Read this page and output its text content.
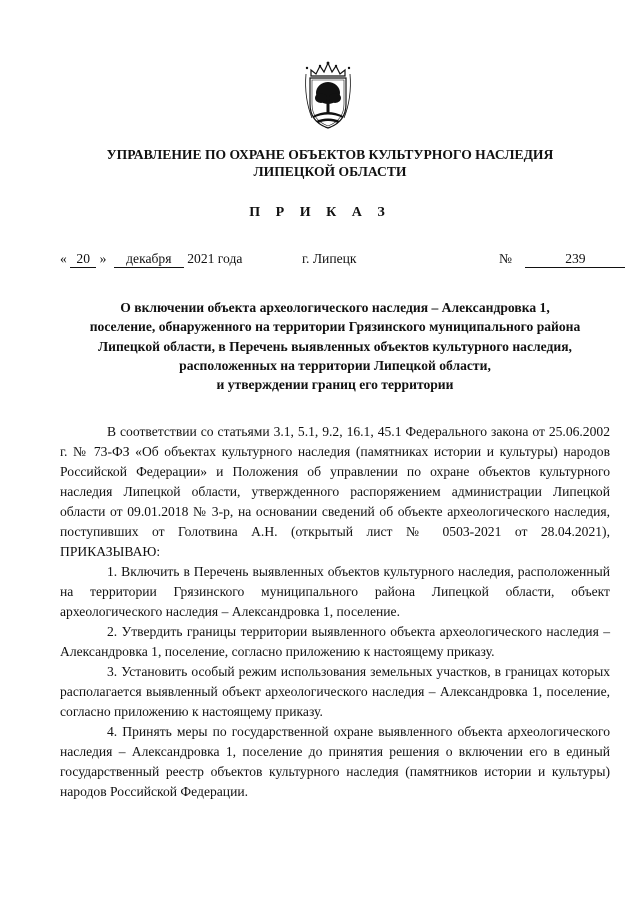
УПРАВЛЕНИЕ ПО ОХРАНЕ ОБЪЕКТОВ КУЛЬТУРНОГО НАСЛЕДИЯ
ЛИПЕЦКОЙ ОБЛАСТИ
П Р И К А З
« 20 » декабря 2021 года	г. Липецк	№	239
О включении объекта археологического наследия – Александровка 1,
поселение, обнаруженного на территории Грязинского муниципального района
Липецкой области, в Перечень выявленных объектов культурного наследия,
расположенных на территории Липецкой области,
и утверждении границ его территории

В соответствии со статьями 3.1, 5.1, 9.2, 16.1, 45.1 Федерального закона от 25.06.2002 г. № 73-ФЗ «Об объектах культурного наследия (памятниках истории и культуры) народов Российской Федерации» и Положения об управлении по охране объектов культурного наследия Липецкой области, утвержденного распоряжением администрации Липецкой области от 09.01.2018 № 3-р, на основании сведений об объекте археологического наследия, поступивших от Голотвина А.Н. (открытый лист № 0503-2021 от 28.04.2021), ПРИКАЗЫВАЮ:

1. Включить в Перечень выявленных объектов культурного наследия, расположенный на территории Грязинского муниципального района Липецкой области, объект археологического наследия – Александровка 1, поселение.

2. Утвердить границы территории выявленного объекта археологического наследия – Александровка 1, поселение, согласно приложению к настоящему приказу.

3. Установить особый режим использования земельных участков, в границах которых располагается выявленный объект археологического наследия – Александровка 1, поселение, согласно приложению к настоящему приказу.

4. Принять меры по государственной охране выявленного объекта археологического наследия – Александровка 1, поселение до принятия решения о включении его в единый государственный реестр объектов культурного наследия (памятников истории и культуры) народов Российской Федерации.
